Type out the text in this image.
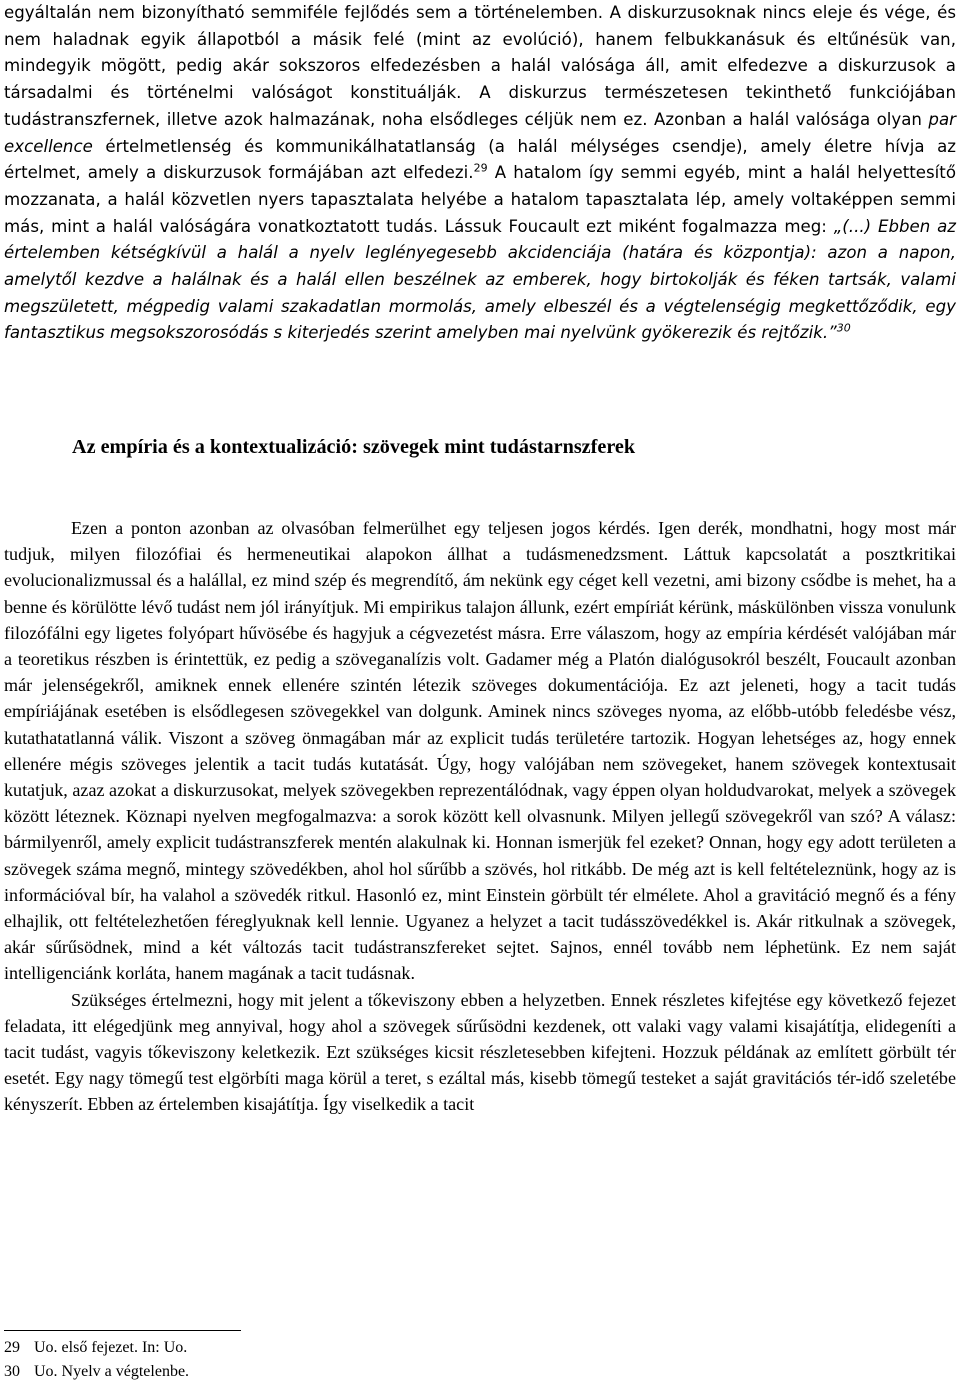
egyáltalán nem bizonyítható semmiféle fejlődés sem a történelemben. A diskurzusoknak nincs eleje és vége, és nem haladnak egyik állapotból a másik felé (mint az evolúció), hanem felbukkanásuk és eltűnésük van, mindegyik mögött, pedig akár sokszoros elfedezésben a halál valósága áll, amit elfedezve a diskurzusok a társadalmi és történelmi valóságot konstituálják. A diskurzus természetesen tekinthető funkciójában tudástranszfernek, illetve azok halmazának, noha elsődleges céljük nem ez. Azonban a halál valósága olyan par excellence értelmetlenség és kommunikálhatatlanság (a halál mélységes csendje), amely életre hívja az értelmet, amely a diskurzusok formájában azt elfedezi.$^{29}$ A hatalom így semmi egyéb, mint a halál helyettesítő mozzanata, a halál közvetlen nyers tapasztalata helyébe a hatalom tapasztalata lép, amely voltaképpen semmi más, mint a halál valóságára vonatkoztatott tudás. Lássuk Foucault ezt miként fogalmazza meg: „(...) Ebben az értelemben kétségkívül a halál a nyelv leglényegesebb akcidenciája (határa és központja): azon a napon, amelytől kezdve a halálnak és a halál ellen beszélnek az emberek, hogy birtokolják és féken tartsák, valami megszületett, mégpedig valami szakadatlan mormolás, amely elbeszél és a végtelenségig megkettőződik, egy fantasztikus megsokszorosódás s kiterjedés szerint amelyben mai nyelvünk gyökerezik és rejtőzik.”$^{30}$

Az empíria és a kontextualizáció: szövegek mint tudástarnszferek

Ezen a ponton azonban az olvasóban felmerülhet egy teljesen jogos kérdés. Igen derék, mondhatni, hogy most már tudjuk, milyen filozófiai és hermeneutikai alapokon állhat a tudásmenedzsment. Láttuk kapcsolatát a posztkritikai evolucionalizmussal és a halállal, ez mind szép és megrendítő, ám nekünk egy céget kell vezetni, ami bizony csődbe is mehet, ha a benne és körülötte lévő tudást nem jól irányítjuk. Mi empirikus talajon állunk, ezért empíriát kérünk, máskülönben vissza vonulunk filozófálni egy ligetes folyópart hűvösébe és hagyjuk a cégvezetést másra. Erre válaszom, hogy az empíria kérdését valójában már a teoretikus részben is érintettük, ez pedig a szöveganalízis volt. Gadamer még a Platón dialógusokról beszélt, Foucault azonban már jelenségekről, amiknek ennek ellenére szintén létezik szöveges dokumentációja. Ez azt jeleneti, hogy a tacit tudás empíriájának esetében is elsődlegesen szövegekkel van dolgunk. Aminek nincs szöveges nyoma, az előbb-utóbb feledésbe vész, kutathatatlanná válik. Viszont a szöveg önmagában már az explicit tudás területére tartozik. Hogyan lehetséges az, hogy ennek ellenére mégis szöveges jelentik a tacit tudás kutatását. Úgy, hogy valójában nem szövegeket, hanem szövegek kontextusait kutatjuk, azaz azokat a diskurzusokat, melyek szövegekben reprezentálódnak, vagy éppen olyan holdudvarokat, melyek a szövegek között léteznek. Köznapi nyelven megfogalmazva: a sorok között kell olvasnunk. Milyen jellegű szövegekről van szó? A válasz: bármilyenről, amely explicit tudástranszferek mentén alakulnak ki. Honnan ismerjük fel ezeket? Onnan, hogy egy adott területen a szövegek száma megnő, mintegy szövedékben, ahol hol sűrűbb a szövés, hol ritkább. De még azt is kell feltételeznünk, hogy az is információval bír, ha valahol a szövedék ritkul. Hasonló ez, mint Einstein görbült tér elmélete. Ahol a gravitáció megnő és a fény elhajlik, ott feltételezhetően féreglyuknak kell lennie. Ugyanez a helyzet a tacit tudásszövedékkel is. Akár ritkulnak a szövegek, akár sűrűsödnek, mind a két változás tacit tudástranszfereket sejtet. Sajnos, ennél tovább nem léphetünk. Ez nem saját intelligenciánk korláta, hanem magának a tacit tudásnak.

Szükséges értelmezni, hogy mit jelent a tőkeviszony ebben a helyzetben. Ennek részletes kifejtése egy következő fejezet feladata, itt elégedjünk meg annyival, hogy ahol a szövegek sűrűsödni kezdenek, ott valaki vagy valami kisajátítja, elidegeníti a tacit tudást, vagyis tőkeviszony keletkezik. Ezt szükséges kicsit részletesebben kifejteni. Hozzuk példának az említett görbült tér esetét. Egy nagy tömegű test elgörbíti maga körül a teret, s ezáltal más, kisebb tömegű testeket a saját gravitációs tér-idő szeletébe kényszerít. Ebben az értelemben kisajátítja. Így viselkedik a tacit

29 Uo. első fejezet. In: Uo.
30 Uo. Nyelv a végtelenbe.
